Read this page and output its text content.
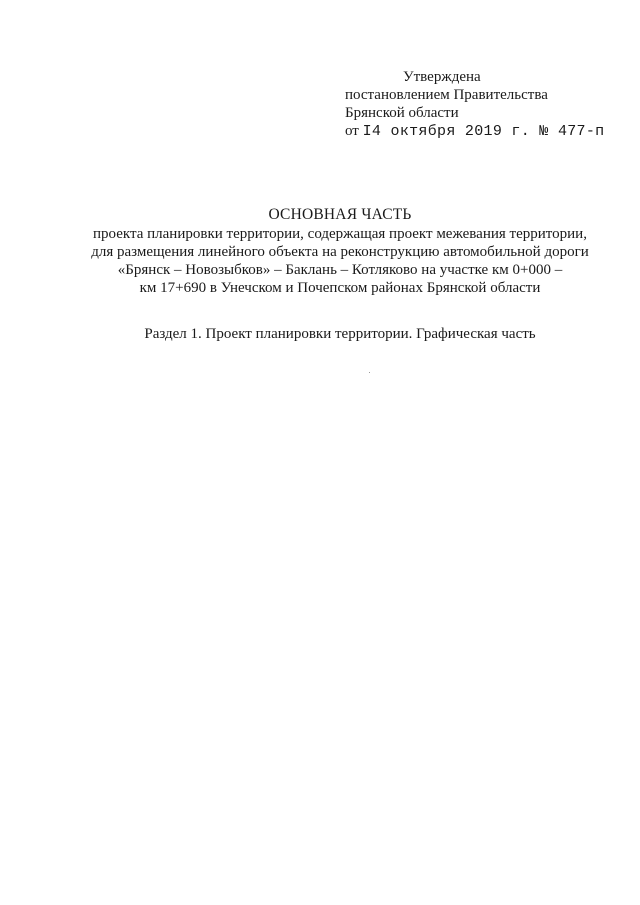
Утверждена
постановлением Правительства
Брянской области
от I4 октября 2019 г. № 477-п
ОСНОВНАЯ ЧАСТЬ
проекта планировки территории, содержащая проект межевания территории,
для размещения линейного объекта на реконструкцию автомобильной дороги
«Брянск – Новозыбков» – Баклань – Котляково на участке км 0+000 –
км 17+690 в Унечском и Почепском районах Брянской области
Раздел 1. Проект планировки территории. Графическая часть
